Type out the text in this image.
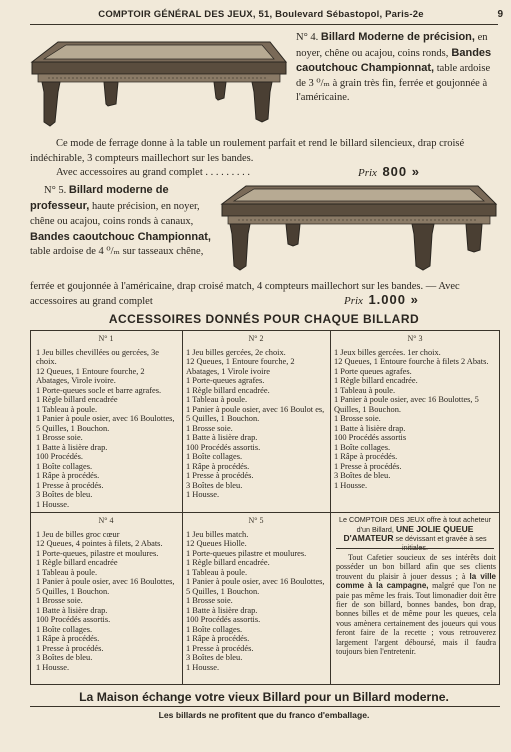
COMPTOIR GÉNÉRAL DES JEUX, 51, Boulevard Sébastopol, Paris-2e	9
N° 4. Billard Moderne de précision, en noyer, chêne ou acajou, coins ronds, Bandes caoutchouc Championnat, table ardoise de 3 ⁰/ₘ à grain très fin, ferrée et goujonnée à l'américaine.
Ce mode de ferrage donne à la table un roulement parfait et rend le billard silencieux, drap croisé indéchirable, 3 compteurs maillechort sur les bandes.
Avec accessoires au grand complet . . . . . . . . .	Prix 800 »
N° 5. Billard moderne de professeur, haute précision, en noyer, chêne ou acajou, coins ronds à canaux, Bandes caoutchouc Championnat, table ardoise de 4 ⁰/ₘ sur tasseaux chêne,
ferrée et goujonnée à l'américaine, drap croisé match, 4 compteurs maillechort sur les bandes. — Avec accessoires au grand complet	Prix 1.000 »
ACCESSOIRES DONNÉS POUR CHAQUE BILLARD
N° 1
1 Jeu billes chevillées ou gercées, 3e choix.
12 Queues, 1 Entoure fourche, 2 Abatages, Virole ivoire.
1 Porte-queues socle et barre agrafes.
1 Règle billard encadrée
1 Tableau à poule.
1 Panier à poule osier, avec 16 Boulottes, 5 Quilles, 1 Bouchon.
1 Brosse soie.
1 Batte à lisière drap.
100 Procédés.
1 Boîte collages.
1 Râpe à procédés.
1 Presse à procédés.
3 Boîtes de bleu.
1 Housse.
N° 2
1 Jeu billes gercées, 2e choix.
12 Queues, 1 Entoure fourche, 2 Abatages, 1 Virole ivoire
1 Porte-queues agrafes.
1 Règle billard encadrée.
1 Tableau à poule.
1 Panier à poule osier, avec 16 Boulot es, 5 Quilles, 1 Bouchon.
1 Brosse soie.
1 Batte à lisière drap.
100 Procédés assortis.
1 Boîte collages.
1 Râpe à procédés.
1 Presse à procédés.
3 Boîtes de bleu.
1 Housse.
N° 3
1 Jeux billes gercées. 1er choix.
12 Queues, 1 Entoure fourche à filets 2 Abats.
1 Porte queues agrafes.
1 Règle billard encadrée.
1 Tableau à poule.
1 Panier à poule osier, avec 16 Boulottes, 5 Quilles, 1 Bouchon.
1 Brosse soie.
1 Batte à lisière drap.
100 Procédés assortis
1 Boîte collages.
1 Râpe à procédés.
1 Presse à procédés.
3 Boîtes de bleu.
1 Housse.
N° 4
1 Jeu de billes groc cœur
12 Queues, 4 pointes à filets, 2 Abats.
1 Porte-queues, pilastre et moulures.
1 Règle billard encadrée
1 Tableau à poule.
1 Panier à poule osier, avec 16 Boulottes, 5 Quilles, 1 Bouchon.
1 Brosse soie.
1 Batte à lisière drap.
100 Procédés assortis.
1 Boîte collages.
1 Râpe à procédés.
1 Presse à procédés.
3 Boîtes de bleu.
1 Housse.
N° 5
1 Jeu billes match.
12 Queues Hiolle.
1 Porte-queues pilastre et moulures.
1 Règle billard encadrée.
1 Tableau à poule.
1 Panier à poule osier, avec 16 Boulottes, 5 Quilles, 1 Bouchon.
1 Brosse soie.
1 Batte à lisière drap.
100 Procédés assortis.
1 Boîte collages.
1 Râpe à procédés.
1 Presse à procédés.
3 Boîtes de bleu.
1 Housse.
Le COMPTOIR DES JEUX offre à tout acheteur d'un Billard, UNE JOLIE QUEUE D'AMATEUR se dévissant et gravée à ses initiales.
Tout Cafetier soucieux de ses intérêts doit posséder un bon billard afin que ses clients trouvent du plaisir à jouer dessus ; à la ville comme à la campagne, malgré que l'on ne paie pas même les frais. Tout limonadier doit être fier de son billard, bonnes bandes, bon drap, bonnes billes et de même pour les queues, cela vous amènera certainement des joueurs qui vous feront faire de la recette ; vous retrouverez largement l'argent déboursé, mais il faudra toujours bien l'entretenir.
La Maison échange votre vieux Billard pour un Billard moderne.
Les billards ne profitent que du franco d'emballage.
